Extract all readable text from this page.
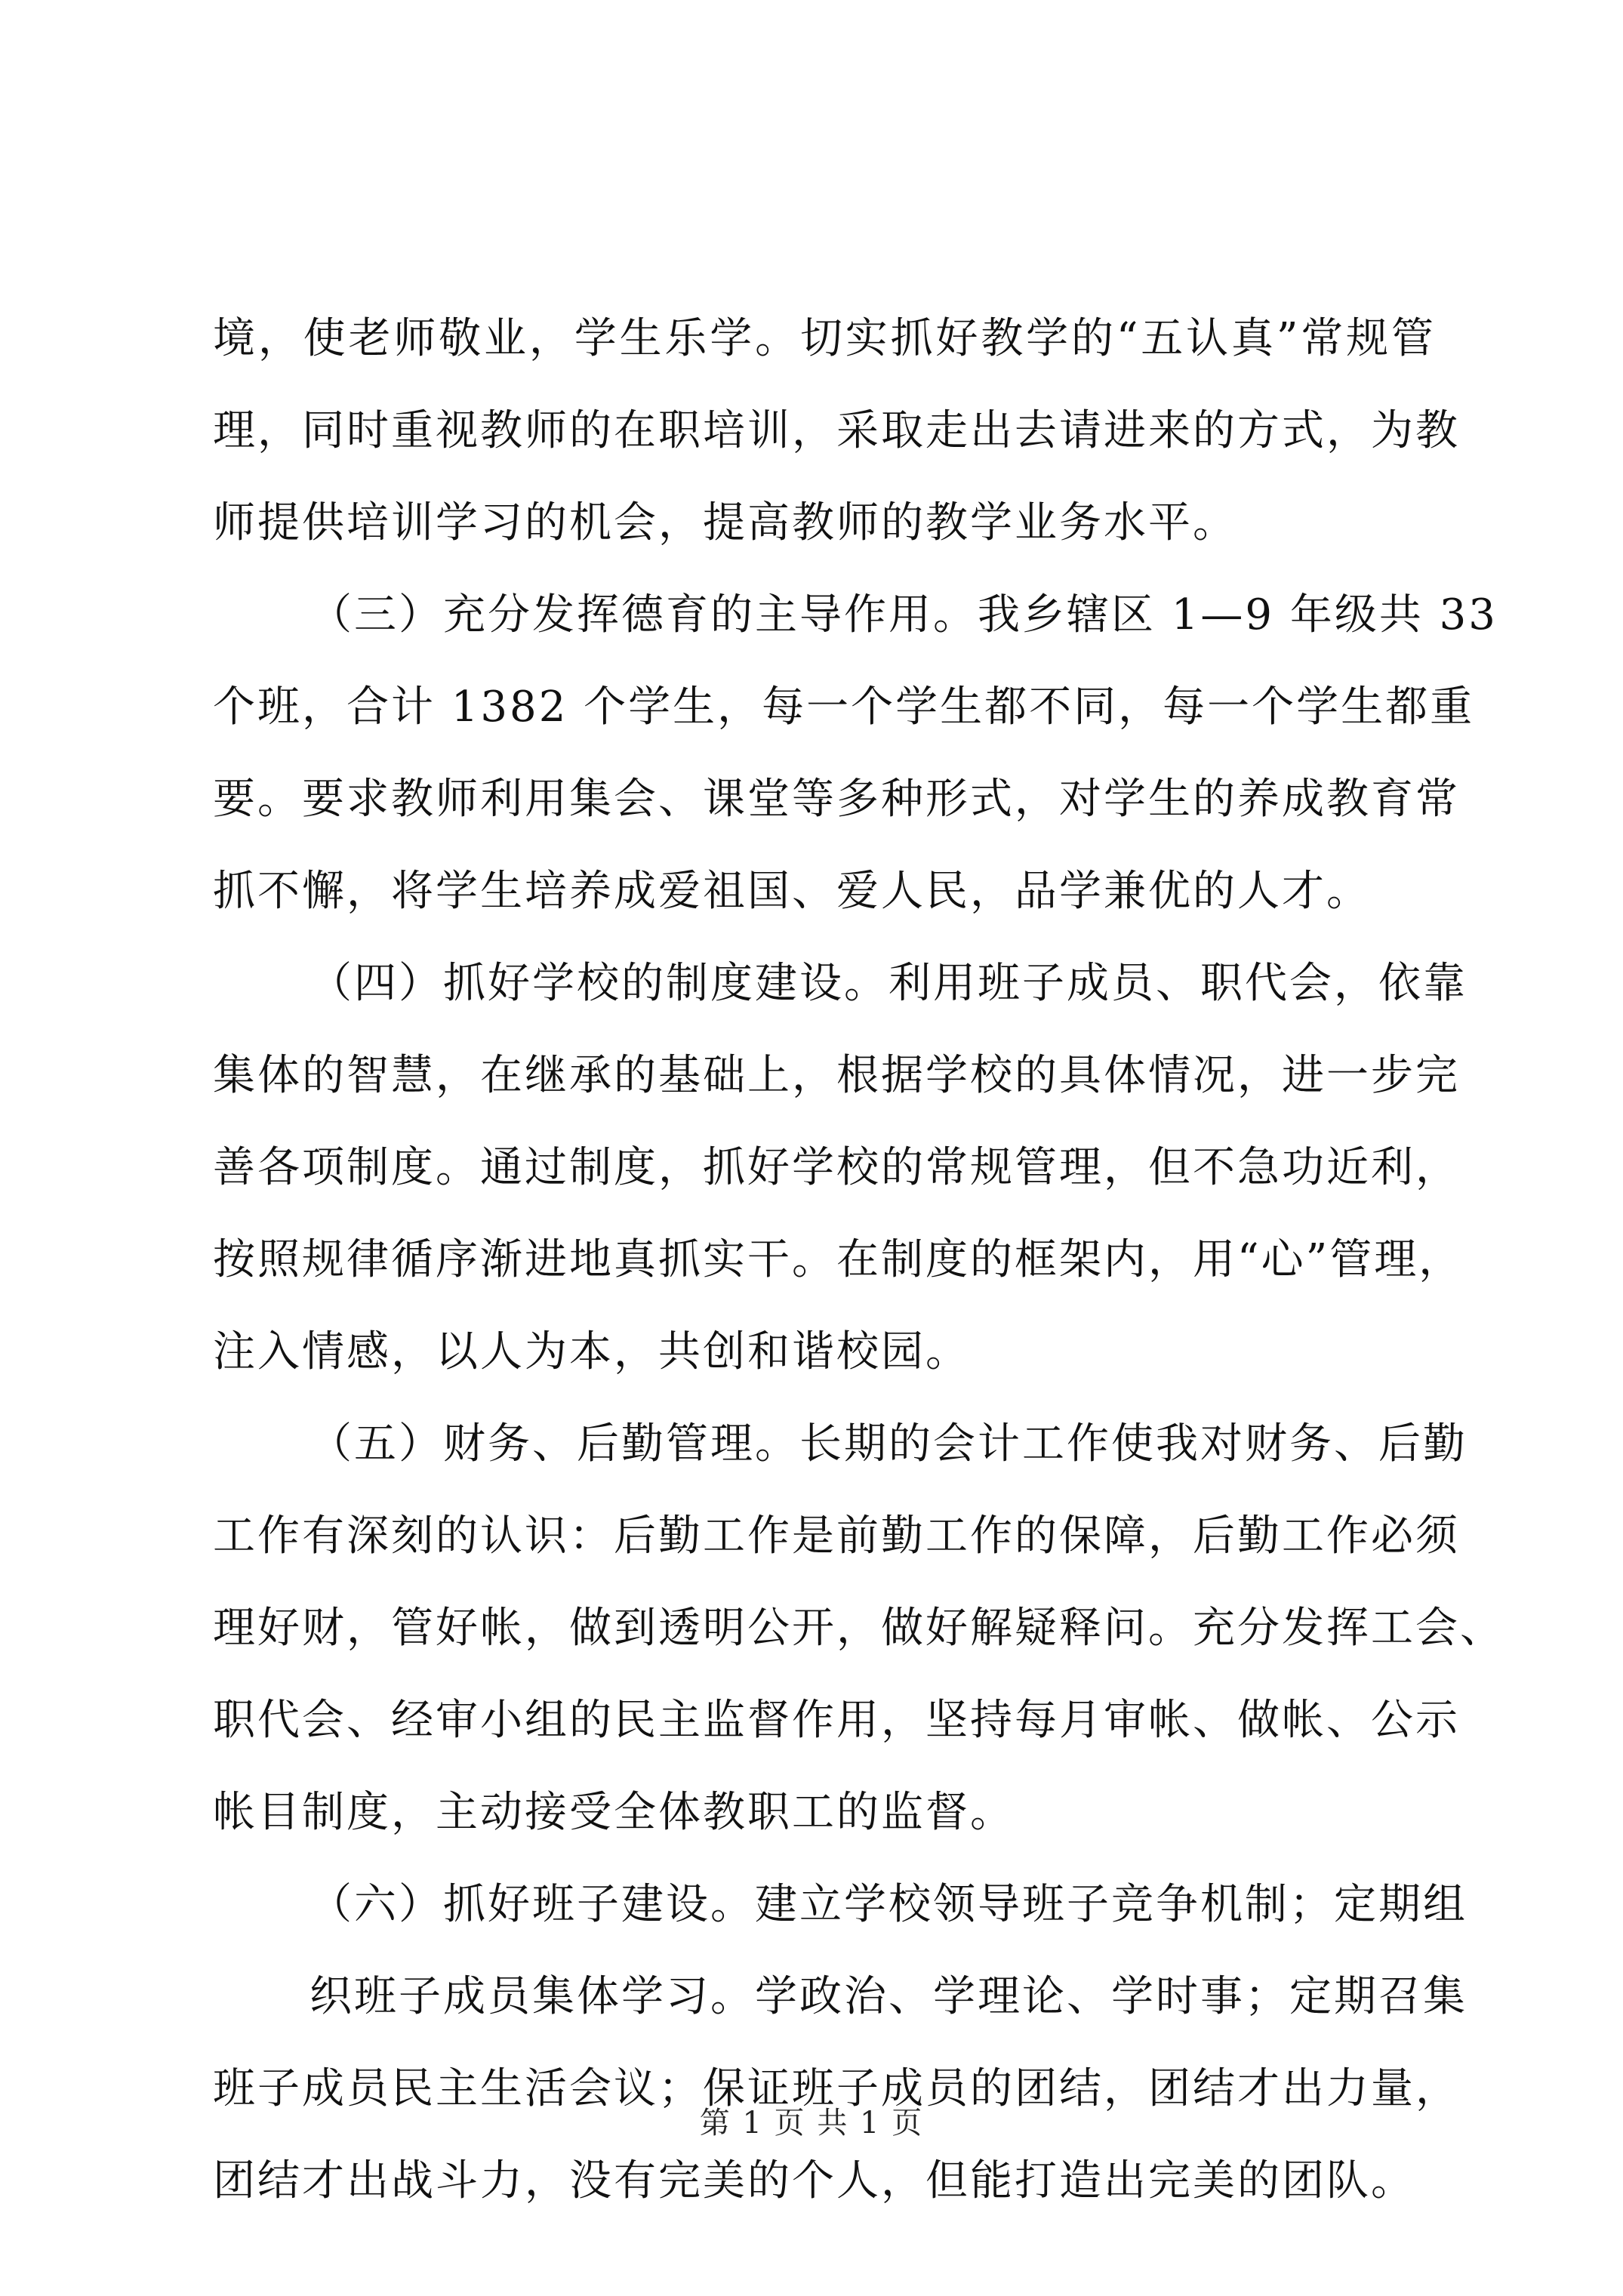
境，使老师敬业，学生乐学。切实抓好教学的“五认真”常规管
理，同时重视教师的在职培训，采取走出去请进来的方式，为教
师提供培训学习的机会，提高教师的教学业务水平。
（三）充分发挥德育的主导作用。我乡辖区 1—9 年级共 33
个班，合计 1382 个学生，每一个学生都不同，每一个学生都重
要。要求教师利用集会、课堂等多种形式，对学生的养成教育常
抓不懈，将学生培养成爱祖国、爱人民，品学兼优的人才。
（四）抓好学校的制度建设。利用班子成员、职代会，依靠
集体的智慧，在继承的基础上，根据学校的具体情况，进一步完
善各项制度。通过制度，抓好学校的常规管理，但不急功近利，
按照规律循序渐进地真抓实干。在制度的框架内，用“心”管理，
注入情感，以人为本，共创和谐校园。
（五）财务、后勤管理。长期的会计工作使我对财务、后勤
工作有深刻的认识：后勤工作是前勤工作的保障，后勤工作必须
理好财，管好帐，做到透明公开，做好解疑释问。充分发挥工会、
职代会、经审小组的民主监督作用，坚持每月审帐、做帐、公示
帐目制度，主动接受全体教职工的监督。
（六）抓好班子建设。建立学校领导班子竞争机制；定期组
织班子成员集体学习。学政治、学理论、学时事；定期召集
班子成员民主生活会议；保证班子成员的团结，团结才出力量，
团结才出战斗力，没有完美的个人，但能打造出完美的团队。
第 1 页 共 1 页
